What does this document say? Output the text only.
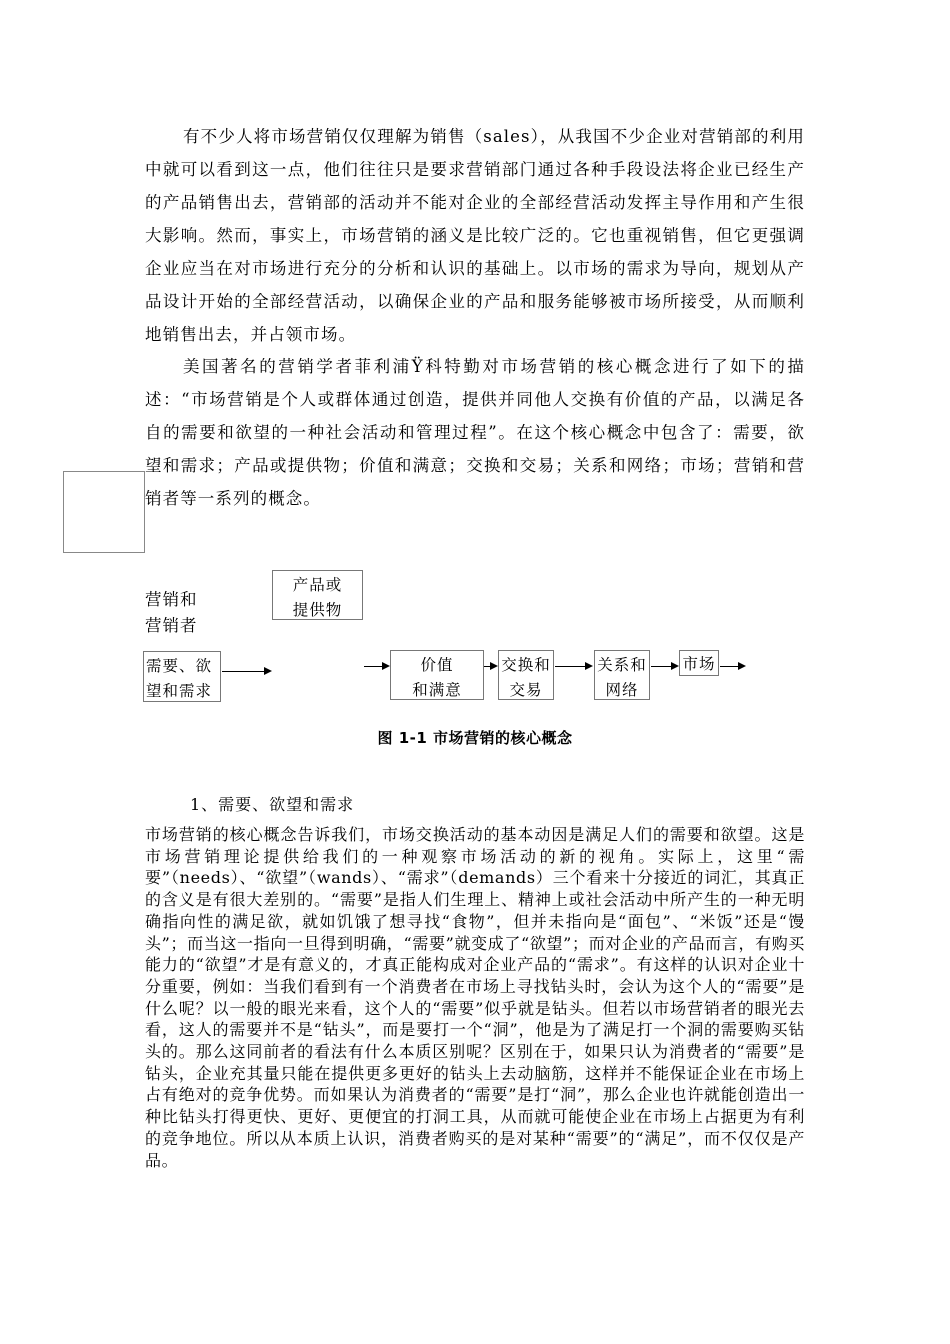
有不少人将市场营销仅仅理解为销售（sales），从我国不少企业对营销部的利用中就可以看到这一点，他们往往只是要求营销部门通过各种手段设法将企业已经生产的产品销售出去，营销部的活动并不能对企业的全部经营活动发挥主导作用和产生很大影响。然而，事实上，市场营销的涵义是比较广泛的。它也重视销售，但它更强调企业应当在对市场进行充分的分析和认识的基础上。以市场的需求为导向，规划从产品设计开始的全部经营活动，以确保企业的产品和服务能够被市场所接受，从而顺利地销售出去，并占领市场。

美国著名的营销学者菲利浦Ÿ科特勤对市场营销的核心概念进行了如下的描述：“市场营销是个人或群体通过创造，提供并同他人交换有价值的产品，以满足各自的需要和欲望的一种社会活动和管理过程”。在这个核心概念中包含了：需要，欲望和需求；产品或提供物；价值和满意；交换和交易；关系和网络；市场；营销和营销者等一系列的概念。

营销和
营销者
产品或
提供物
需要、欲
望和需求
价值
和满意
交换和
交易
关系和
网络
市场
图 1-1 市场营销的核心概念
1、需要、欲望和需求

市场营销的核心概念告诉我们，市场交换活动的基本动因是满足人们的需要和欲望。这是市场营销理论提供给我们的一种观察市场活动的新的视角。实际上，这里“需要”（needs）、“欲望”（wands）、“需求”（demands）三个看来十分接近的词汇，其真正的含义是有很大差别的。“需要”是指人们生理上、精神上或社会活动中所产生的一种无明确指向性的满足欲，就如饥饿了想寻找“食物”，但并未指向是“面包”、“米饭”还是“馒头”；而当这一指向一旦得到明确，“需要”就变成了“欲望”；而对企业的产品而言，有购买能力的“欲望”才是有意义的，才真正能构成对企业产品的“需求”。有这样的认识对企业十分重要，例如：当我们看到有一个消费者在市场上寻找钻头时，会认为这个人的“需要”是什么呢？以一般的眼光来看，这个人的“需要”似乎就是钻头。但若以市场营销者的眼光去看，这人的需要并不是“钻头”，而是要打一个“洞”，他是为了满足打一个洞的需要购买钻头的。那么这同前者的看法有什么本质区别呢？区别在于，如果只认为消费者的“需要”是钻头，企业充其量只能在提供更多更好的钻头上去动脑筋，这样并不能保证企业在市场上占有绝对的竞争优势。而如果认为消费者的“需要”是打“洞”，那么企业也许就能创造出一种比钻头打得更快、更好、更便宜的打洞工具，从而就可能使企业在市场上占据更为有利的竞争地位。所以从本质上认识，消费者购买的是对某种“需要”的“满足”，而不仅仅是产品。
